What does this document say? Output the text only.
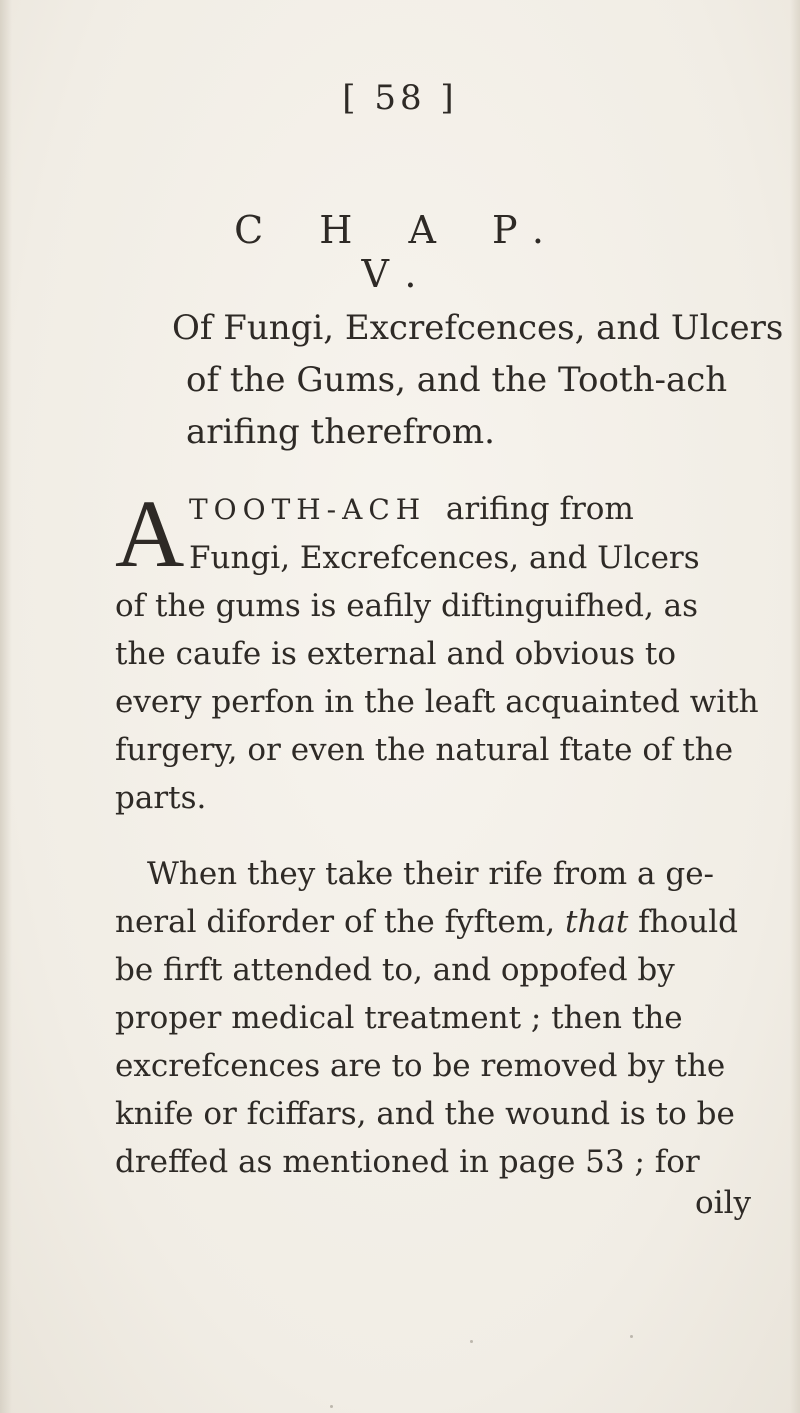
[ 58 ]
C H A P. V.
Of Fungi, Excrefcences, and Ulcers
of the Gums, and the Tooth-ach
arifing therefrom.
A TOOTH-ACH arifing from
Fungi, Excrefcences, and Ulcers
of the gums is eafily diftinguifhed, as
the caufe is external and obvious to
every perfon in the leaft acquainted with
furgery, or even the natural ftate of the
parts.
When they take their rife from a ge-
neral diforder of the fyftem, that fhould
be firft attended to, and oppofed by
proper medical treatment ; then the
excrefcences are to be removed by the
knife or fciffars, and the wound is to be
dreffed as mentioned in page 53 ; for
oily
